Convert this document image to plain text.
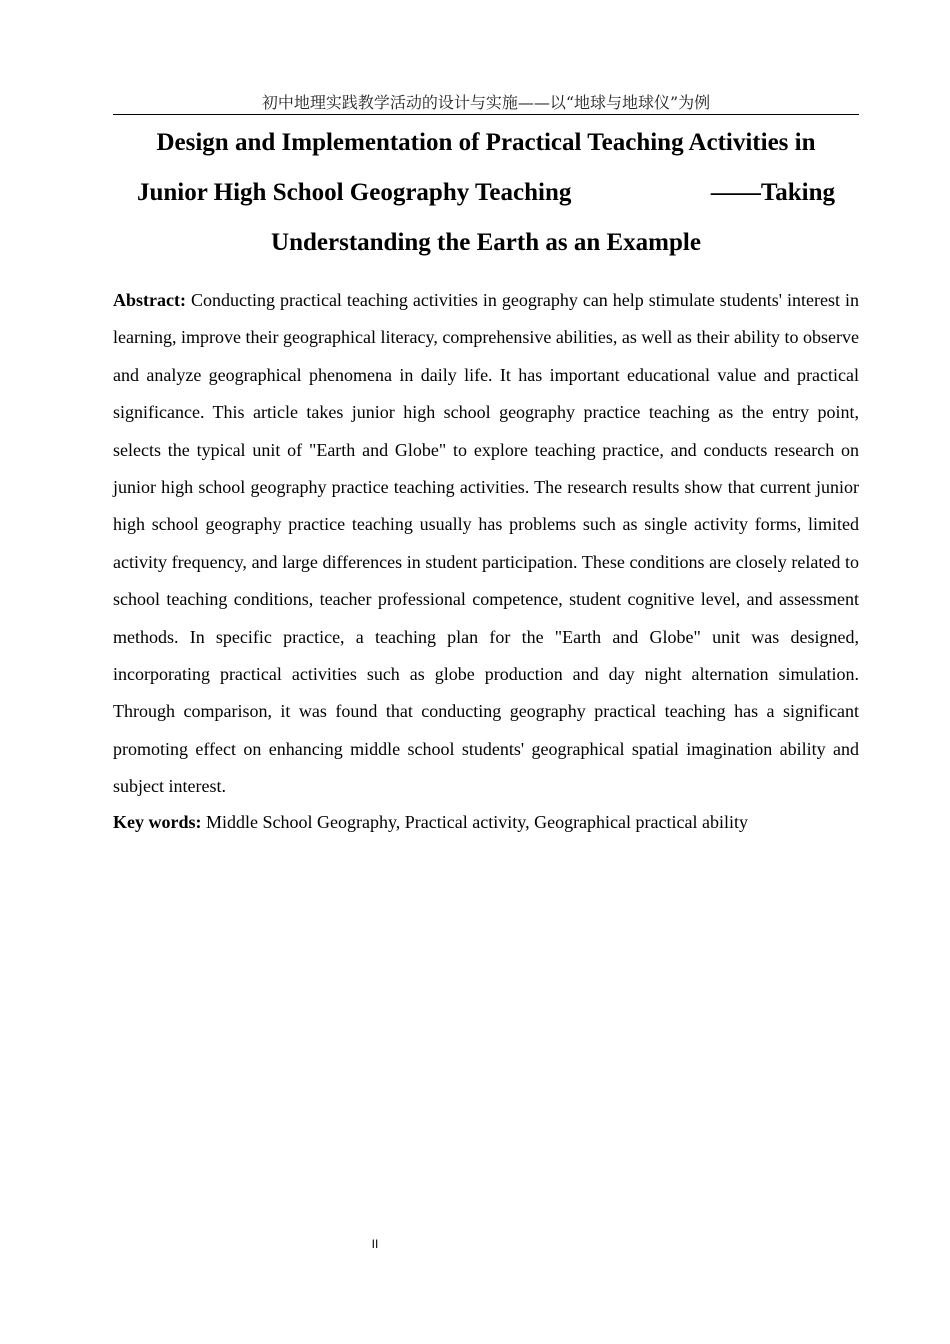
初中地理实践教学活动的设计与实施——以“地球与地球仪”为例
Design and Implementation of Practical Teaching Activities in
Junior High School Geography Teaching	——Taking
Understanding the Earth as an Example

Abstract: Conducting practical teaching activities in geography can help stimulate students' interest in learning, improve their geographical literacy, comprehensive abilities, as well as their ability to observe and analyze geographical phenomena in daily life. It has important educational value and practical significance. This article takes junior high school geography practice teaching as the entry point, selects the typical unit of "Earth and Globe" to explore teaching practice, and conducts research on junior high school geography practice teaching activities. The research results show that current junior high school geography practice teaching usually has problems such as single activity forms, limited activity frequency, and large differences in student participation. These conditions are closely related to school teaching conditions, teacher professional competence, student cognitive level, and assessment methods. In specific practice, a teaching plan for the "Earth and Globe" unit was designed, incorporating practical activities such as globe production and day night alternation simulation. Through comparison, it was found that conducting geography practical teaching has a significant promoting effect on enhancing middle school students' geographical spatial imagination ability and subject interest.

Key words: Middle School Geography, Practical activity, Geographical practical ability

II
